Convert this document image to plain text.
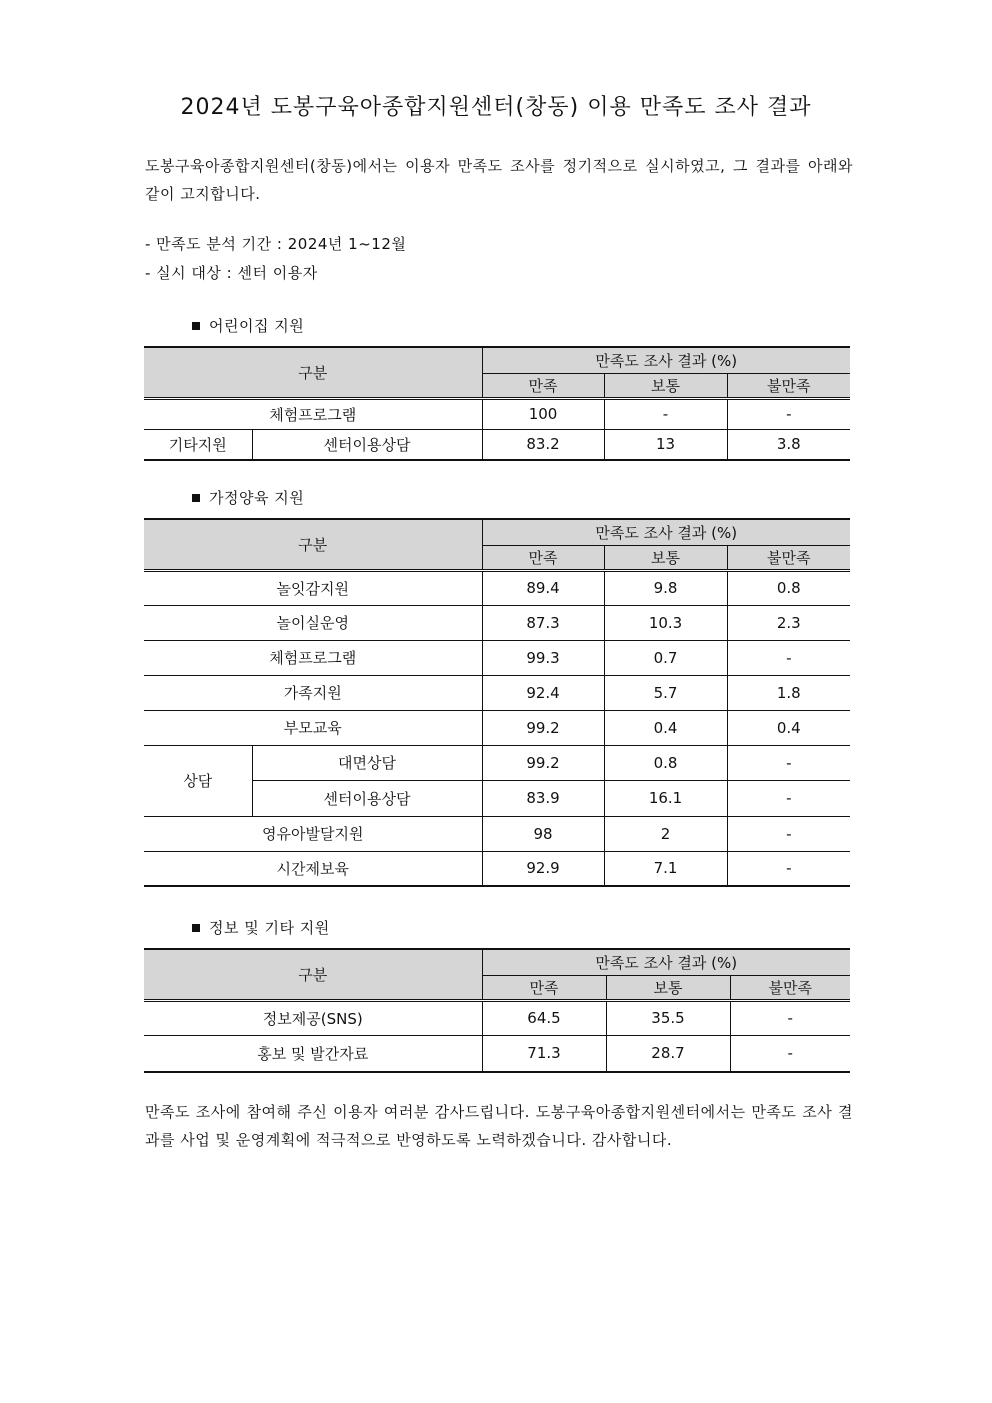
2024년 도봉구육아종합지원센터(창동) 이용 만족도 조사 결과
도봉구육아종합지원센터(창동)에서는 이용자 만족도 조사를 정기적으로 실시하였고, 그 결과를 아래와 같이 고지합니다.
- 만족도 분석 기간 : 2024년 1~12월
- 실시 대상 : 센터 이용자
어린이집 지원
구분		만족도 조사 결과 (%)		
		만족	보통	불만족
체험프로그램		100	-	-
기타지원	센터이용상담	83.2	13	3.8
가정양육 지원
구분		만족도 조사 결과 (%)		
		만족	보통	불만족
놀잇감지원		89.4	9.8	0.8
놀이실운영		87.3	10.3	2.3
체험프로그램		99.3	0.7	-
가족지원		92.4	5.7	1.8
부모교육		99.2	0.4	0.4
상담	대면상담	99.2	0.8	-
	센터이용상담	83.9	16.1	-
영유아발달지원		98	2	-
시간제보육		92.9	7.1	-
정보 및 기타 지원
구분	만족도 조사 결과 (%)		
	만족	보통	불만족
정보제공(SNS)	64.5	35.5	-
홍보 및 발간자료	71.3	28.7	-
만족도 조사에 참여해 주신 이용자 여러분 감사드립니다. 도봉구육아종합지원센터에서는 만족도 조사 결과를 사업 및 운영계획에 적극적으로 반영하도록 노력하겠습니다. 감사합니다.
